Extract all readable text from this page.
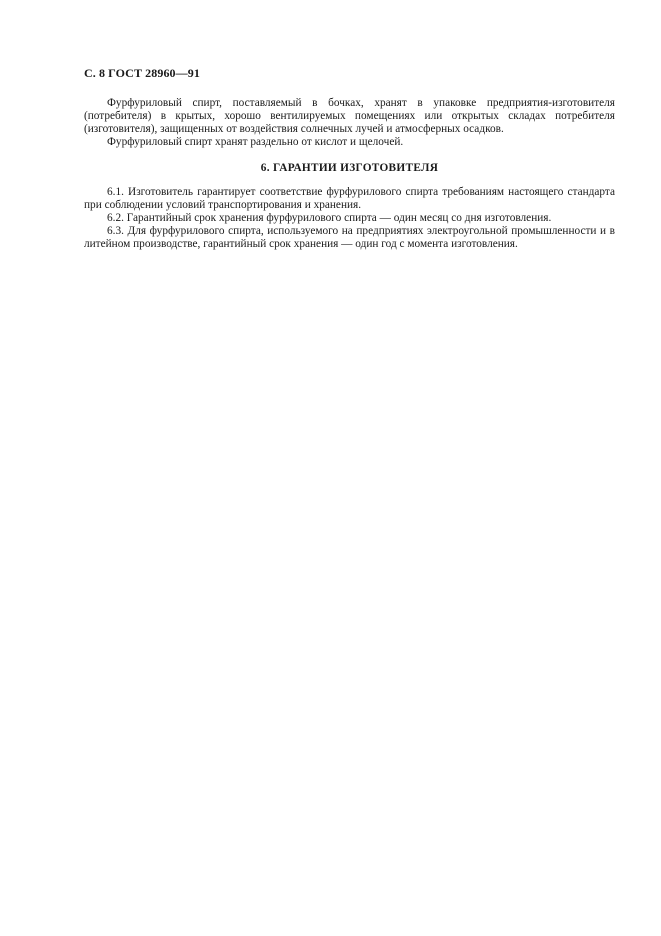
С. 8 ГОСТ 28960—91

Фурфуриловый спирт, поставляемый в бочках, хранят в упаковке предприятия-изготовителя (потребителя) в крытых, хорошо вентилируемых помещениях или открытых складах потребителя (изготовителя), защищенных от воздействия солнечных лучей и атмосферных осадков.

Фурфуриловый спирт хранят раздельно от кислот и щелочей.

6. ГАРАНТИИ ИЗГОТОВИТЕЛЯ

6.1. Изготовитель гарантирует соответствие фурфурилового спирта требованиям настоящего стандарта при соблюдении условий транспортирования и хранения.

6.2. Гарантийный срок хранения фурфурилового спирта — один месяц со дня изготовления.

6.3. Для фурфурилового спирта, используемого на предприятиях электроугольной промышленности и в литейном производстве, гарантийный срок хранения — один год с момента изготовления.
